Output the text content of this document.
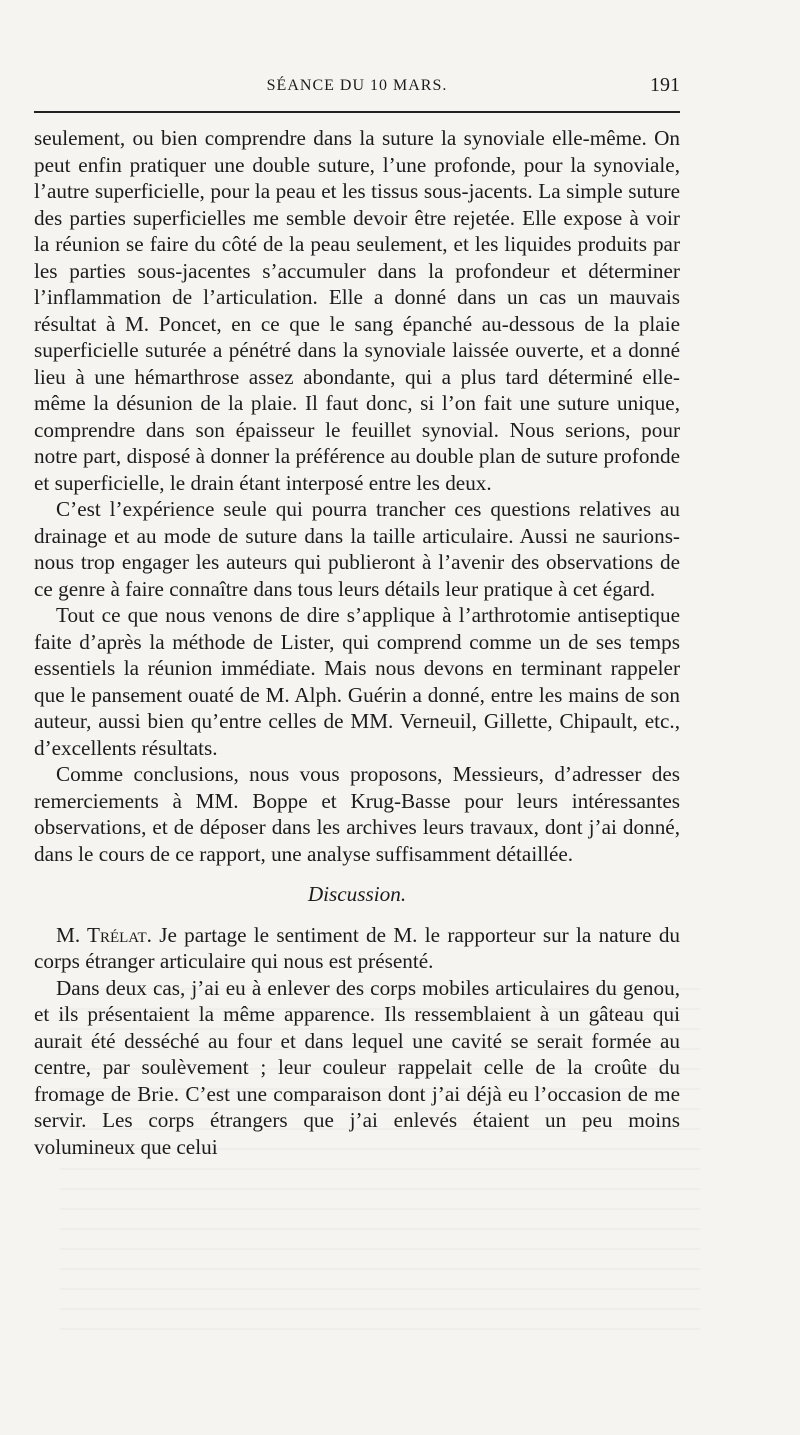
SÉANCE DU 10 MARS.	191

seulement, ou bien comprendre dans la suture la synoviale elle-même. On peut enfin pratiquer une double suture, l’une profonde, pour la synoviale, l’autre superficielle, pour la peau et les tissus sous-jacents. La simple suture des parties superficielles me semble devoir être rejetée. Elle expose à voir la réunion se faire du côté de la peau seulement, et les liquides produits par les parties sous-jacentes s’accumuler dans la profondeur et déterminer l’inflammation de l’articulation. Elle a donné dans un cas un mauvais résultat à M. Poncet, en ce que le sang épanché au-dessous de la plaie superficielle suturée a pénétré dans la synoviale laissée ouverte, et a donné lieu à une hémarthrose assez abondante, qui a plus tard déterminé elle-même la désunion de la plaie. Il faut donc, si l’on fait une suture unique, comprendre dans son épaisseur le feuillet synovial. Nous serions, pour notre part, disposé à donner la préférence au double plan de suture profonde et superficielle, le drain étant interposé entre les deux.

C’est l’expérience seule qui pourra trancher ces questions relatives au drainage et au mode de suture dans la taille articulaire. Aussi ne saurions-nous trop engager les auteurs qui publieront à l’avenir des observations de ce genre à faire connaître dans tous leurs détails leur pratique à cet égard.

Tout ce que nous venons de dire s’applique à l’arthrotomie antiseptique faite d’après la méthode de Lister, qui comprend comme un de ses temps essentiels la réunion immédiate. Mais nous devons en terminant rappeler que le pansement ouaté de M. Alph. Guérin a donné, entre les mains de son auteur, aussi bien qu’entre celles de MM. Verneuil, Gillette, Chipault, etc., d’excellents résultats.

Comme conclusions, nous vous proposons, Messieurs, d’adresser des remerciements à MM. Boppe et Krug-Basse pour leurs intéressantes observations, et de déposer dans les archives leurs travaux, dont j’ai donné, dans le cours de ce rapport, une analyse suffisamment détaillée.

Discussion.

M. Trélat. Je partage le sentiment de M. le rapporteur sur la nature du corps étranger articulaire qui nous est présenté.

Dans deux cas, j’ai eu à enlever des corps mobiles articulaires du genou, et ils présentaient la même apparence. Ils ressemblaient à un gâteau qui aurait été desséché au four et dans lequel une cavité se serait formée au centre, par soulèvement ; leur couleur rappelait celle de la croûte du fromage de Brie. C’est une comparaison dont j’ai déjà eu l’occasion de me servir. Les corps étrangers que j’ai enlevés étaient un peu moins volumineux que celui
